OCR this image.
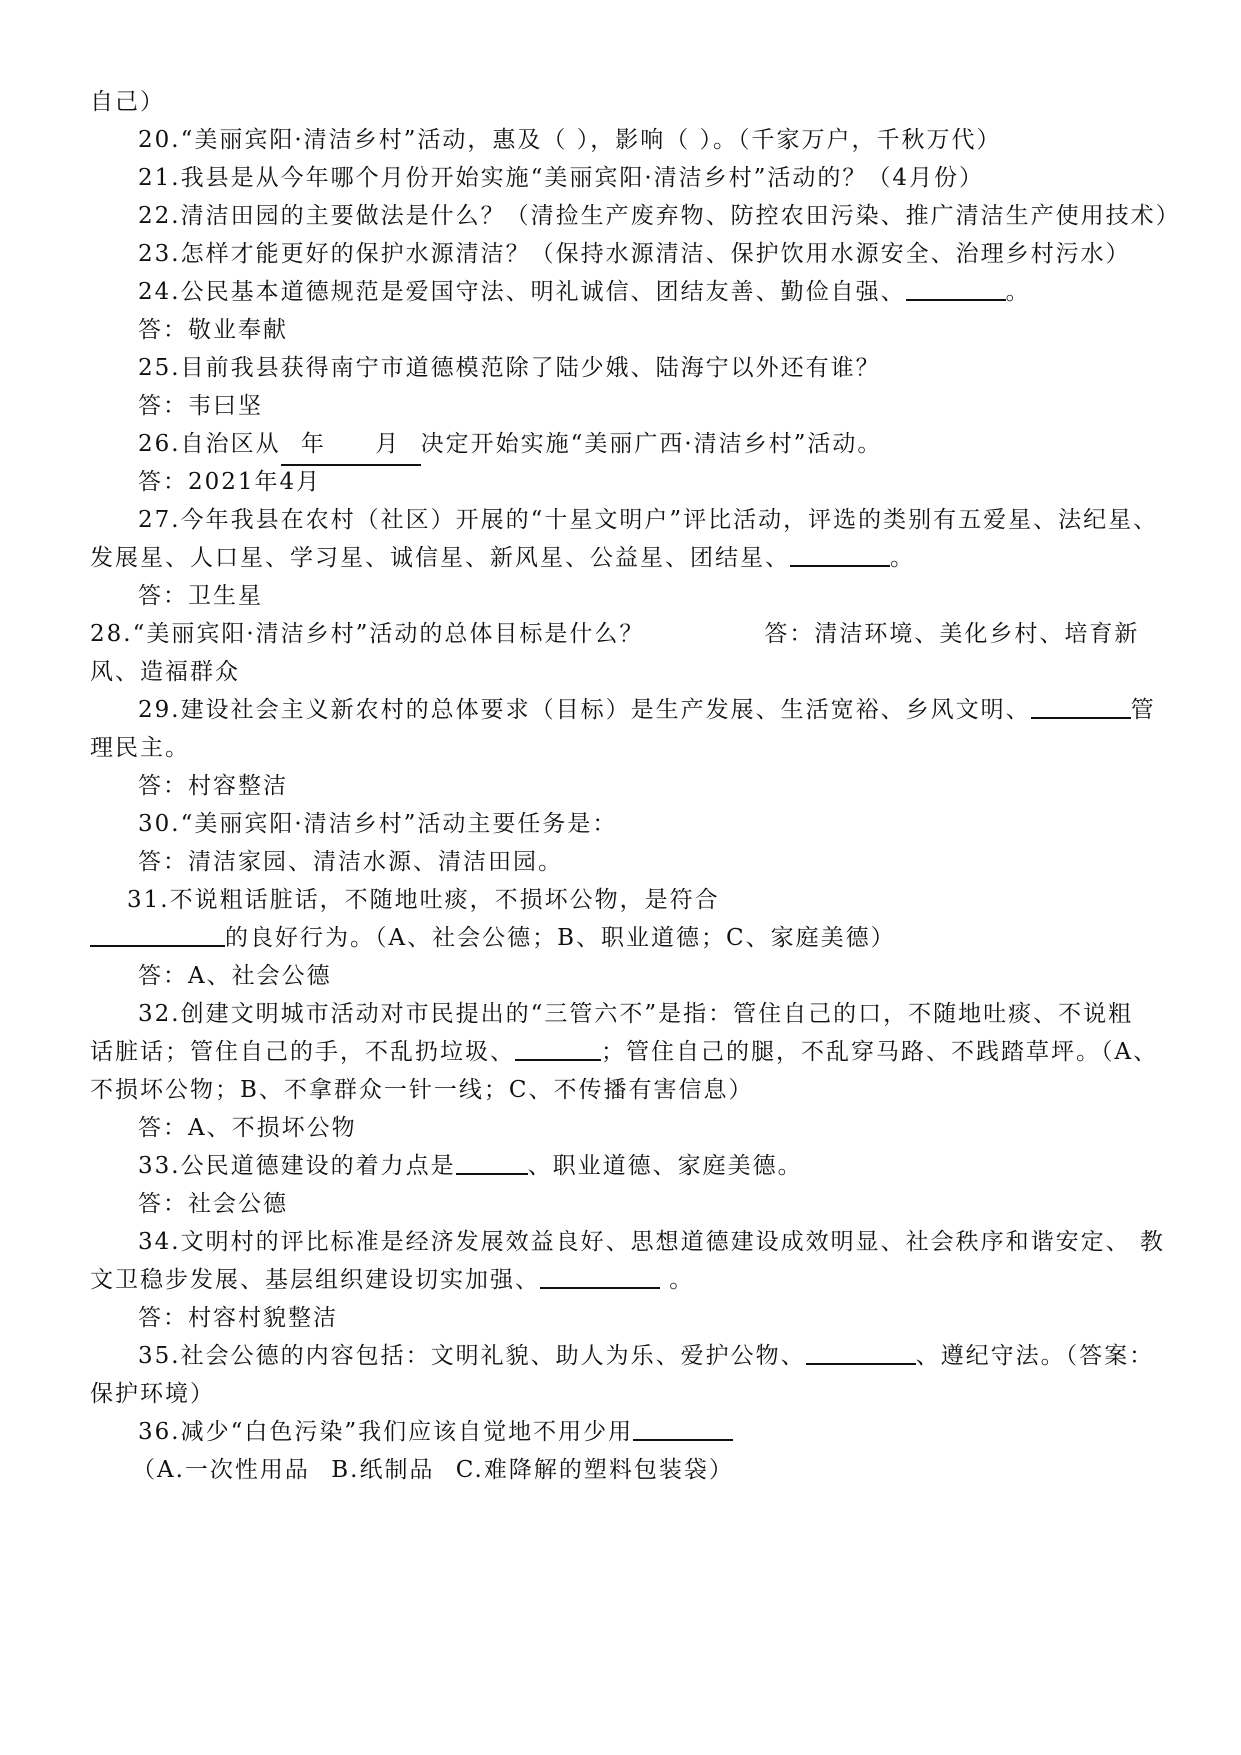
自己）
20.“美丽宾阳·清洁乡村”活动，惠及（ ），影响（ ）。（千家万户，千秋万代）
21.我县是从今年哪个月份开始实施“美丽宾阳·清洁乡村”活动的？（4月份）
22.清洁田园的主要做法是什么？（清捡生产废弃物、防控农田污染、推广清洁生产使用技术）
23.怎样才能更好的保护水源清洁？（保持水源清洁、保护饮用水源安全、治理乡村污水）
24.公民基本道德规范是爱国守法、明礼诚信、团结友善、勤俭自强、	。
答：敬业奉献
25.目前我县获得南宁市道德模范除了陆少娥、陆海宁以外还有谁？
答：韦曰坚
26.自治区从 年 月 决定开始实施“美丽广西·清洁乡村”活动。
答：2021年4月
27.今年我县在农村（社区）开展的“十星文明户”评比活动，评选的类别有五爱星、法纪星、
发展星、人口星、学习星、诚信星、新风星、公益星、团结星、	。
答：卫生星
28.“美丽宾阳·清洁乡村”活动的总体目标是什么？	答：清洁环境、美化乡村、培育新
风、造福群众
29.建设社会主义新农村的总体要求（目标）是生产发展、生活宽裕、乡风文明、	管
理民主。
答：村容整洁
30.“美丽宾阳·清洁乡村”活动主要任务是：
答：清洁家园、清洁水源、清洁田园。
31.不说粗话脏话，不随地吐痰，不损坏公物，是符合
的良好行为。（A、社会公德；B、职业道德；C、家庭美德）
答：A、社会公德
32.创建文明城市活动对市民提出的“三管六不”是指：管住自己的口，不随地吐痰、不说粗
话脏话；管住自己的手，不乱扔垃圾、	；管住自己的腿，不乱穿马路、不践踏草坪。（A、
不损坏公物；B、不拿群众一针一线；C、不传播有害信息）
答：A、不损坏公物
33.公民道德建设的着力点是	、职业道德、家庭美德。
答：社会公德
34.文明村的评比标准是经济发展效益良好、思想道德建设成效明显、社会秩序和谐安定、 教
文卫稳步发展、基层组织建设切实加强、	。
答：村容村貌整洁
35.社会公德的内容包括：文明礼貌、助人为乐、爱护公物、	、遵纪守法。（答案：
保护环境）
36.减少“白色污染”我们应该自觉地不用少用
（A.一次性用品 B.纸制品 C.难降解的塑料包装袋）
